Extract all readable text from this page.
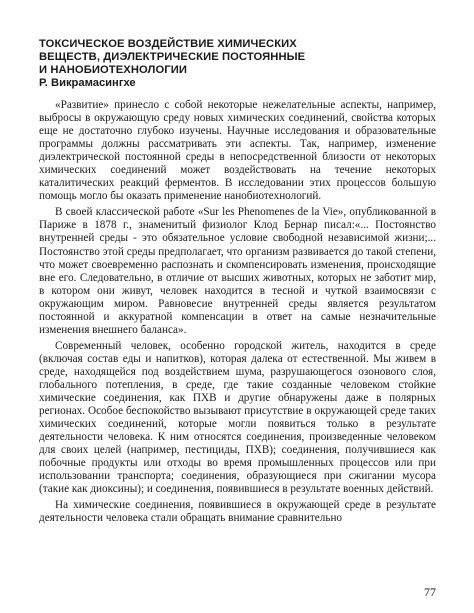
ТОКСИЧЕСКОЕ ВОЗДЕЙСТВИЕ ХИМИЧЕСКИХ
ВЕЩЕСТВ, ДИЭЛЕКТРИЧЕСКИЕ ПОСТОЯННЫЕ
И НАНОБИОТЕХНОЛОГИИ
Р. Викрамасингхе

«Развитие» принесло с собой некоторые нежелательные аспекты, например, выбросы в окружающую среду новых химических соединений, свойства которых еще не достаточно глубоко изучены. Научные исследования и образовательные программы должны рассматривать эти аспекты. Так, например, изменение диэлектрической постоянной среды в непосредственной близости от некоторых химических соединений может воздействовать на течение некоторых каталитических реакций ферментов. В исследовании этих процессов большую помощь могло бы оказать применение нанобиотехнологий.

В своей классической работе «Sur les Phenomenes de la Vie», опубликованной в Париже в 1878 г., знаменитый физиолог Клод Бернар писал:«... Постоянство внутренней среды - это обязательное условие свободной независимой жизни;... Постоянство этой среды предполагает, что организм развивается до такой степени, что может своевременно распознать и скомпенсировать изменения, происходящие вне его. Следовательно, в отличие от высших животных, которых не заботит мир, в котором они живут, человек находится в тесной и чуткой взаимосвязи с окружающим миром. Равновесие внутренней среды является результатом постоянной и аккуратной компенсации в ответ на самые незначительные изменения внешнего баланса».

Современный человек, особенно городской житель, находится в среде (включая состав еды и напитков), которая далека от естественной. Мы живем в среде, находящейся под воздействием шума, разрушающегося озонового слоя, глобального потепления, в среде, где такие созданные человеком стойкие химические соединения, как ПХВ и другие обнаружены даже в полярных регионах. Особое беспокойство вызывают присутствие в окружающей среде таких химических соединений, которые могли появиться только в результате деятельности человека. К ним относятся соединения, произведенные человеком для своих целей (например, пестициды, ПХВ); соединения, получившиеся как побочные продукты или отходы во время промышленных процессов или при использовании транспорта; соединения, образующиеся при сжигании мусора (такие как диоксины); и соединения, появившиеся в результате военных действий.

На химические соединения, появившиеся в окружающей среде в результате деятельности человека стали обращать внимание сравнительно

77
